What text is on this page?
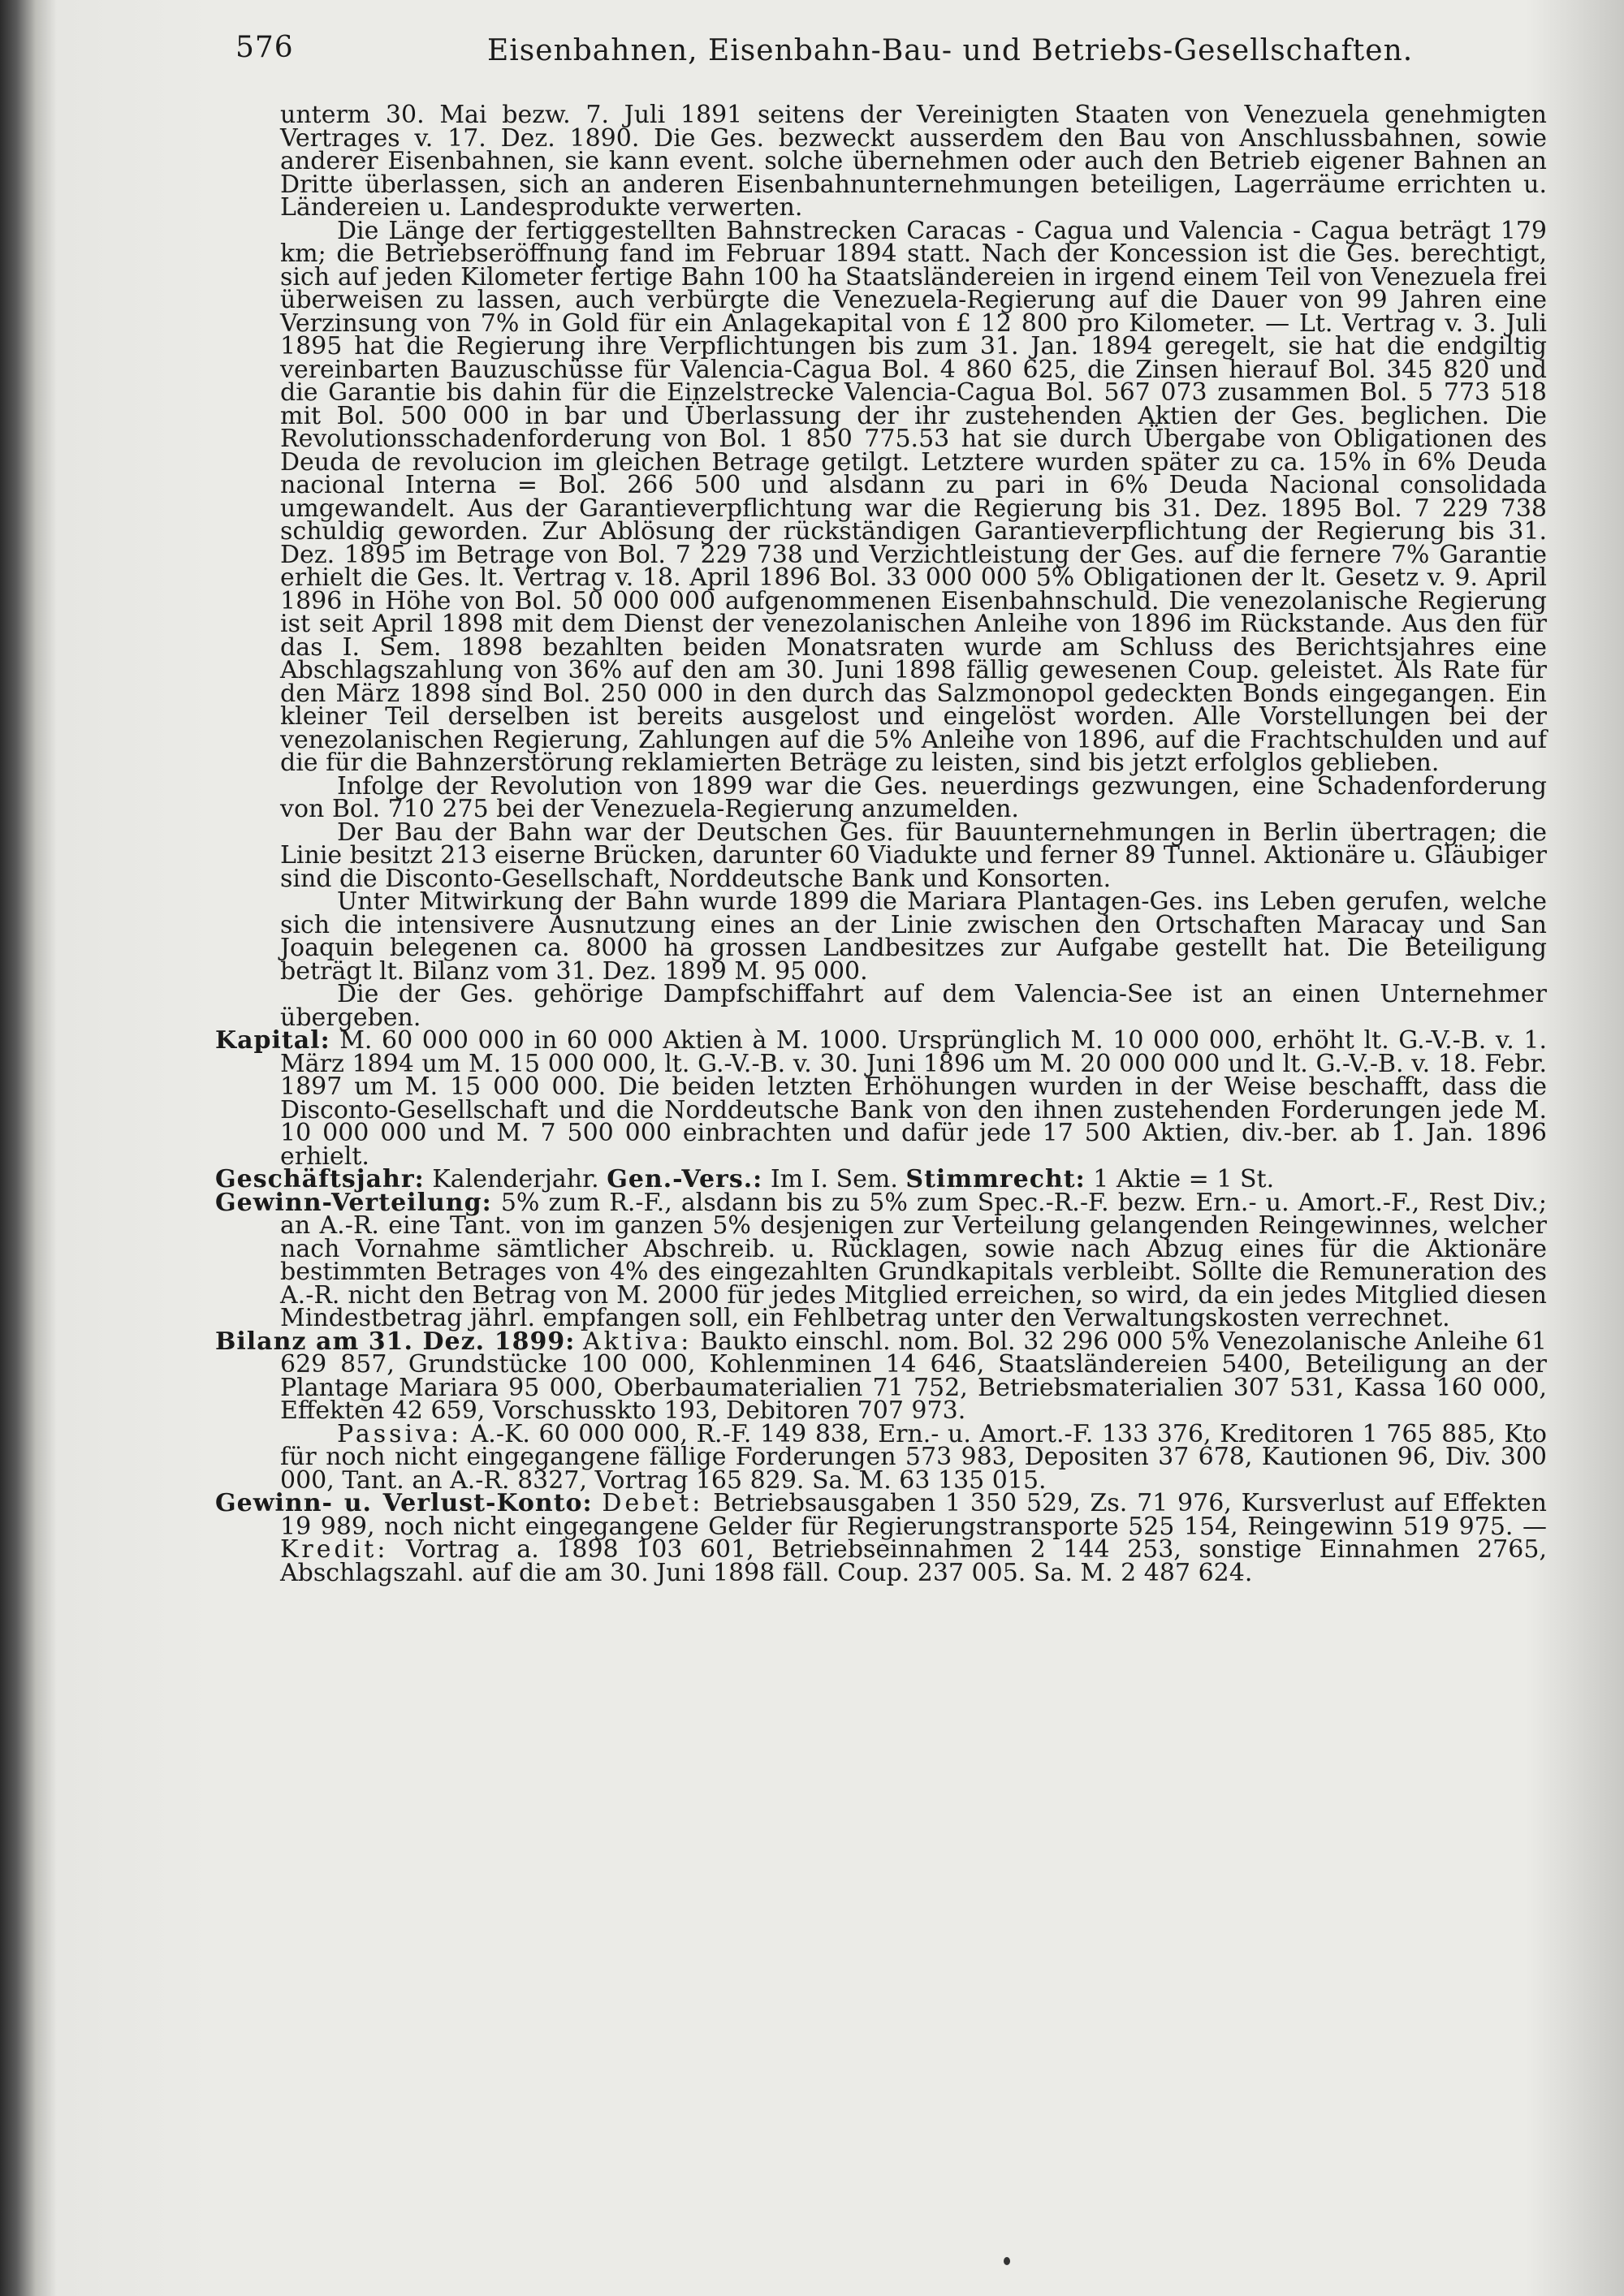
576	Eisenbahnen, Eisenbahn-Bau- und Betriebs-Gesellschaften.

unterm 30. Mai bezw. 7. Juli 1891 seitens der Vereinigten Staaten von Venezuela genehmigten Vertrages v. 17. Dez. 1890. Die Ges. bezweckt ausserdem den Bau von Anschlussbahnen, sowie anderer Eisenbahnen, sie kann event. solche übernehmen oder auch den Betrieb eigener Bahnen an Dritte überlassen, sich an anderen Eisenbahnunternehmungen beteiligen, Lagerräume errichten u. Ländereien u. Landesprodukte verwerten.

Die Länge der fertiggestellten Bahnstrecken Caracas - Cagua und Valencia - Cagua beträgt 179 km; die Betriebseröffnung fand im Februar 1894 statt. Nach der Koncession ist die Ges. berechtigt, sich auf jeden Kilometer fertige Bahn 100 ha Staatsländereien in irgend einem Teil von Venezuela frei überweisen zu lassen, auch verbürgte die Venezuela-Regierung auf die Dauer von 99 Jahren eine Verzinsung von 7% in Gold für ein Anlagekapital von £ 12 800 pro Kilometer. — Lt. Vertrag v. 3. Juli 1895 hat die Regierung ihre Verpflichtungen bis zum 31. Jan. 1894 geregelt, sie hat die endgiltig vereinbarten Bauzuschüsse für Valencia-Cagua Bol. 4 860 625, die Zinsen hierauf Bol. 345 820 und die Garantie bis dahin für die Einzelstrecke Valencia-Cagua Bol. 567 073 zusammen Bol. 5 773 518 mit Bol. 500 000 in bar und Überlassung der ihr zustehenden Aktien der Ges. beglichen. Die Revolutionsschadenforderung von Bol. 1 850 775.53 hat sie durch Übergabe von Obligationen des Deuda de revolucion im gleichen Betrage getilgt. Letztere wurden später zu ca. 15% in 6% Deuda nacional Interna = Bol. 266 500 und alsdann zu pari in 6% Deuda Nacional consolidada umgewandelt. Aus der Garantieverpflichtung war die Regierung bis 31. Dez. 1895 Bol. 7 229 738 schuldig geworden. Zur Ablösung der rückständigen Garantieverpflichtung der Regierung bis 31. Dez. 1895 im Betrage von Bol. 7 229 738 und Verzichtleistung der Ges. auf die fernere 7% Garantie erhielt die Ges. lt. Vertrag v. 18. April 1896 Bol. 33 000 000 5% Obligationen der lt. Gesetz v. 9. April 1896 in Höhe von Bol. 50 000 000 aufgenommenen Eisenbahnschuld. Die venezolanische Regierung ist seit April 1898 mit dem Dienst der venezolanischen Anleihe von 1896 im Rückstande. Aus den für das I. Sem. 1898 bezahlten beiden Monatsraten wurde am Schluss des Berichtsjahres eine Abschlagszahlung von 36% auf den am 30. Juni 1898 fällig gewesenen Coup. geleistet. Als Rate für den März 1898 sind Bol. 250 000 in den durch das Salzmonopol gedeckten Bonds eingegangen. Ein kleiner Teil derselben ist bereits ausgelost und eingelöst worden. Alle Vorstellungen bei der venezolanischen Regierung, Zahlungen auf die 5% Anleihe von 1896, auf die Frachtschulden und auf die für die Bahnzerstörung reklamierten Beträge zu leisten, sind bis jetzt erfolglos geblieben.

Infolge der Revolution von 1899 war die Ges. neuerdings gezwungen, eine Schadenforderung von Bol. 710 275 bei der Venezuela-Regierung anzumelden.

Der Bau der Bahn war der Deutschen Ges. für Bauunternehmungen in Berlin übertragen; die Linie besitzt 213 eiserne Brücken, darunter 60 Viadukte und ferner 89 Tunnel. Aktionäre u. Gläubiger sind die Disconto-Gesellschaft, Norddeutsche Bank und Konsorten.

Unter Mitwirkung der Bahn wurde 1899 die Mariara Plantagen-Ges. ins Leben gerufen, welche sich die intensivere Ausnutzung eines an der Linie zwischen den Ortschaften Maracay und San Joaquin belegenen ca. 8000 ha grossen Landbesitzes zur Aufgabe gestellt hat. Die Beteiligung beträgt lt. Bilanz vom 31. Dez. 1899 M. 95 000.

Die der Ges. gehörige Dampfschiffahrt auf dem Valencia-See ist an einen Unternehmer übergeben.

Kapital: M. 60 000 000 in 60 000 Aktien à M. 1000. Ursprünglich M. 10 000 000, erhöht lt. G.-V.-B. v. 1. März 1894 um M. 15 000 000, lt. G.-V.-B. v. 30. Juni 1896 um M. 20 000 000 und lt. G.-V.-B. v. 18. Febr. 1897 um M. 15 000 000. Die beiden letzten Erhöhungen wurden in der Weise beschafft, dass die Disconto-Gesellschaft und die Norddeutsche Bank von den ihnen zustehenden Forderungen jede M. 10 000 000 und M. 7 500 000 einbrachten und dafür jede 17 500 Aktien, div.-ber. ab 1. Jan. 1896 erhielt.

Geschäftsjahr: Kalenderjahr. Gen.-Vers.: Im I. Sem. Stimmrecht: 1 Aktie = 1 St.

Gewinn-Verteilung: 5% zum R.-F., alsdann bis zu 5% zum Spec.-R.-F. bezw. Ern.- u. Amort.-F., Rest Div.; an A.-R. eine Tant. von im ganzen 5% desjenigen zur Verteilung gelangenden Reingewinnes, welcher nach Vornahme sämtlicher Abschreib. u. Rücklagen, sowie nach Abzug eines für die Aktionäre bestimmten Betrages von 4% des eingezahlten Grundkapitals verbleibt. Sollte die Remuneration des A.-R. nicht den Betrag von M. 2000 für jedes Mitglied erreichen, so wird, da ein jedes Mitglied diesen Mindestbetrag jährl. empfangen soll, ein Fehlbetrag unter den Verwaltungskosten verrechnet.

Bilanz am 31. Dez. 1899: Aktiva: Baukto einschl. nom. Bol. 32 296 000 5% Venezolanische Anleihe 61 629 857, Grundstücke 100 000, Kohlenminen 14 646, Staatsländereien 5400, Beteiligung an der Plantage Mariara 95 000, Oberbaumaterialien 71 752, Betriebsmaterialien 307 531, Kassa 160 000, Effekten 42 659, Vorschusskto 193, Debitoren 707 973.

Passiva: A.-K. 60 000 000, R.-F. 149 838, Ern.- u. Amort.-F. 133 376, Kreditoren 1 765 885, Kto für noch nicht eingegangene fällige Forderungen 573 983, Depositen 37 678, Kautionen 96, Div. 300 000, Tant. an A.-R. 8327, Vortrag 165 829. Sa. M. 63 135 015.

Gewinn- u. Verlust-Konto: Debet: Betriebsausgaben 1 350 529, Zs. 71 976, Kursverlust auf Effekten 19 989, noch nicht eingegangene Gelder für Regierungstransporte 525 154, Reingewinn 519 975. — Kredit: Vortrag a. 1898 103 601, Betriebseinnahmen 2 144 253, sonstige Einnahmen 2765, Abschlagszahl. auf die am 30. Juni 1898 fäll. Coup. 237 005. Sa. M. 2 487 624.
